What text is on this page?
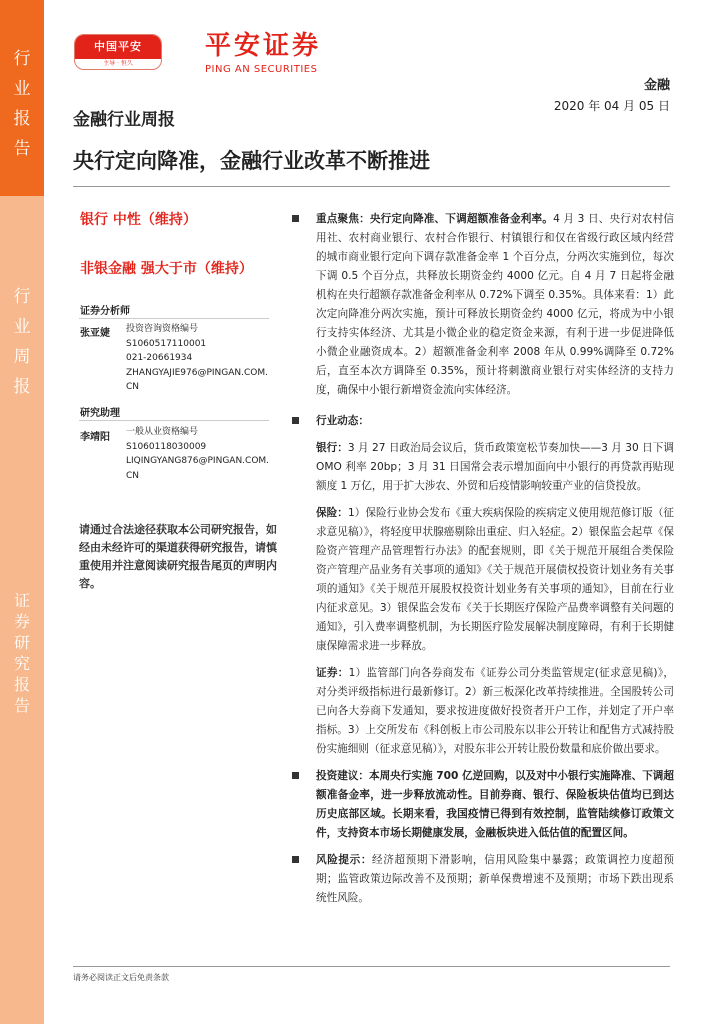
行
业
报
告
行
业
周
报
证
券
研
究
报
告
中国平安
主导 · 恒久
平安证券
PING AN SECURITIES
金融
2020 年 04 月 05 日
金融行业周报
央行定向降准，金融行业改革不断推进
银行 中性（维持）
非银金融 强大于市（维持）
证券分析师
张亚婕 投资咨询资格编号
S1060517110001
021-20661934
ZHANGYAJIE976@PINGAN.COM.CN
研究助理
李靖阳 一般从业资格编号
S1060118030009
LIQINGYANG876@PINGAN.COM.CN
请通过合法途径获取本公司研究报告，如经由未经许可的渠道获得研究报告，请慎重使用并注意阅读研究报告尾页的声明内容。

重点聚焦：央行定向降准、下调超额准备金利率。4 月 3 日、央行对农村信用社、农村商业银行、农村合作银行、村镇银行和仅在省级行政区域内经营的城市商业银行定向下调存款准备金率 1 个百分点，分两次实施到位，每次下调 0.5 个百分点，共释放长期资金约 4000 亿元。自 4 月 7 日起将金融机构在央行超额存款准备金利率从 0.72%下调至 0.35%。具体来看：1）此次定向降准分两次实施，预计可释放长期资金约 4000 亿元，将成为中小银行支持实体经济、尤其是小微企业的稳定资金来源，有利于进一步促进降低小微企业融资成本。2）超额准备金利率 2008 年从 0.99%调降至 0.72%后，直至本次方调降至 0.35%，预计将刺激商业银行对实体经济的支持力度，确保中小银行新增资金流向实体经济。

行业动态：

银行：3 月 27 日政治局会议后，货币政策宽松节奏加快——3 月 30 日下调 OMO 利率 20bp；3 月 31 日国常会表示增加面向中小银行的再贷款再贴现额度 1 万亿，用于扩大涉农、外贸和后疫情影响较重产业的信贷投放。

保险：1）保险行业协会发布《重大疾病保险的疾病定义使用规范修订版（征求意见稿）》，将轻度甲状腺癌剔除出重症、归入轻症。2）银保监会起草《保险资产管理产品管理暂行办法》的配套规则，即《关于规范开展组合类保险资产管理产品业务有关事项的通知》《关于规范开展债权投资计划业务有关事项的通知》《关于规范开展股权投资计划业务有关事项的通知》，目前在行业内征求意见。3）银保监会发布《关于长期医疗保险产品费率调整有关问题的通知》，引入费率调整机制，为长期医疗险发展解决制度障碍，有利于长期健康保障需求进一步释放。

证券：1）监管部门向各券商发布《证券公司分类监管规定(征求意见稿)》，对分类评级指标进行最新修订。2）新三板深化改革持续推进。全国股转公司已向各大券商下发通知，要求按进度做好投资者开户工作，并划定了开户率指标。3）上交所发布《科创板上市公司股东以非公开转让和配售方式减持股份实施细则（征求意见稿）》，对股东非公开转让股份数量和底价做出要求。

投资建议：本周央行实施 700 亿逆回购，以及对中小银行实施降准、下调超额准备金率，进一步释放流动性。目前券商、银行、保险板块估值均已到达历史底部区域。长期来看，我国疫情已得到有效控制，监管陆续修订政策文件，支持资本市场长期健康发展，金融板块进入低估值的配置区间。

风险提示：经济超预期下滑影响，信用风险集中暴露；政策调控力度超预期；监管政策边际改善不及预期；新单保费增速不及预期；市场下跌出现系统性风险。

请务必阅读正文后免责条款
